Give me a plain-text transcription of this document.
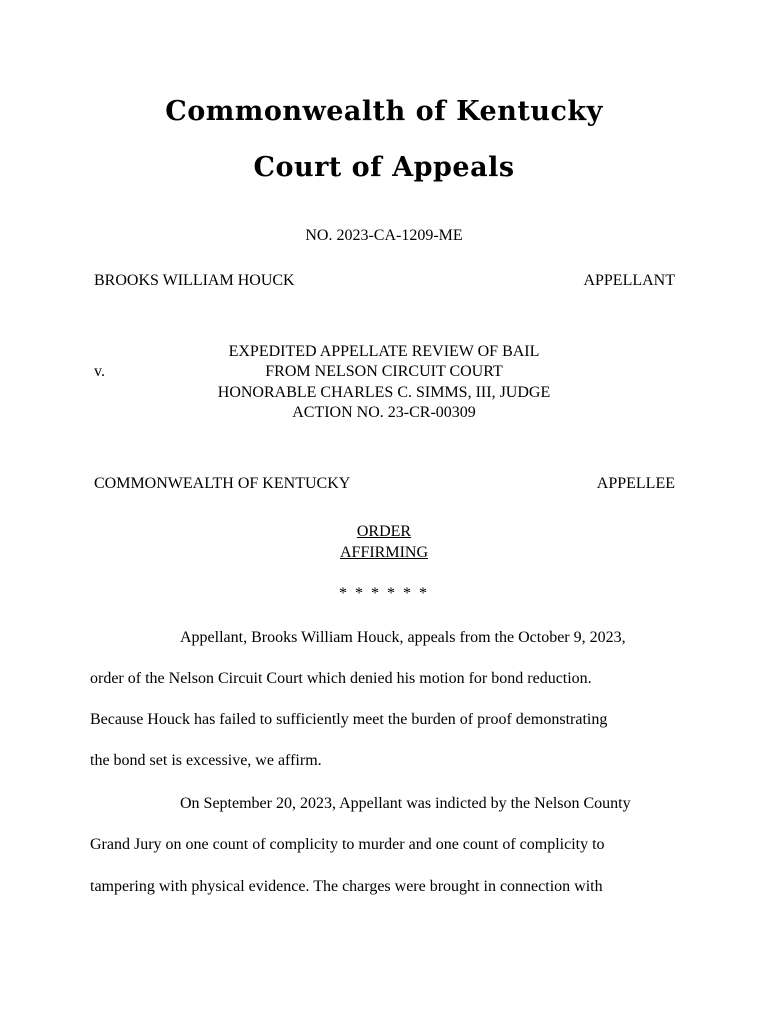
Commonwealth of Kentucky
Court of Appeals
NO. 2023-CA-1209-ME
BROOKS WILLIAM HOUCK	APPELLANT
EXPEDITED APPELLATE REVIEW OF BAIL
v.	FROM NELSON CIRCUIT COURT
HONORABLE CHARLES C. SIMMS, III, JUDGE
ACTION NO. 23-CR-00309
COMMONWEALTH OF KENTUCKY	APPELLEE
ORDER
AFFIRMING
* * * * * *
Appellant, Brooks William Houck, appeals from the October 9, 2023,
order of the Nelson Circuit Court which denied his motion for bond reduction.
Because Houck has failed to sufficiently meet the burden of proof demonstrating
the bond set is excessive, we affirm.
On September 20, 2023, Appellant was indicted by the Nelson County
Grand Jury on one count of complicity to murder and one count of complicity to
tampering with physical evidence. The charges were brought in connection with
